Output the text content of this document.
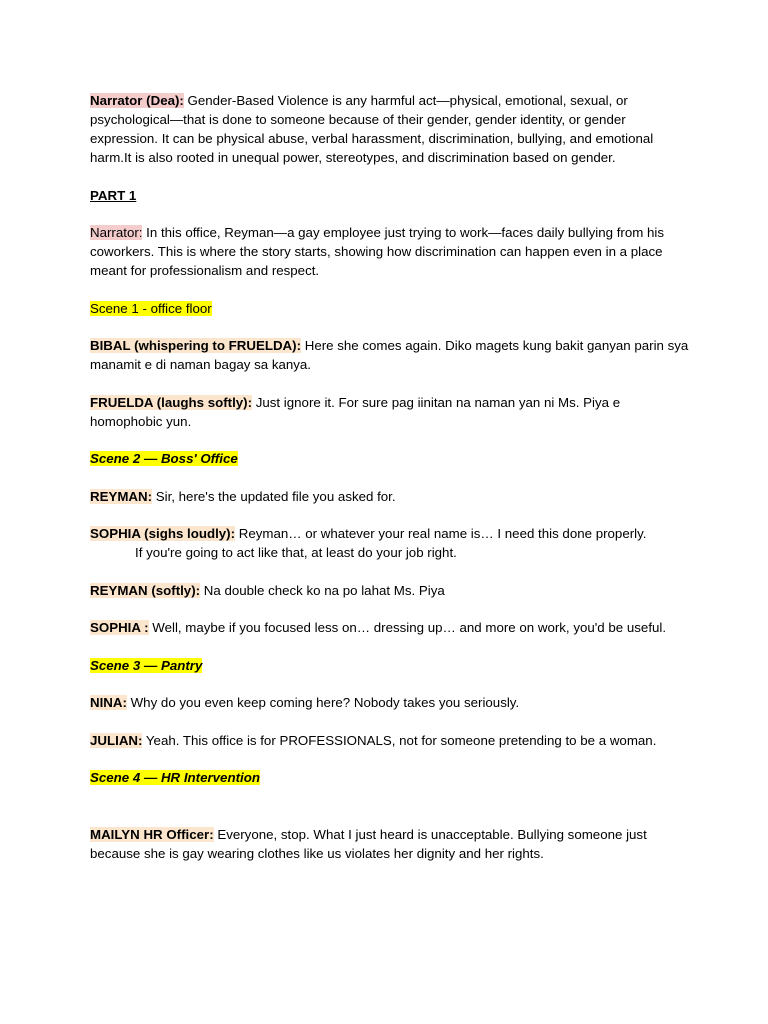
Narrator (Dea): Gender-Based Violence is any harmful act—physical, emotional, sexual, or psychological—that is done to someone because of their gender, gender identity, or gender expression. It can be physical abuse, verbal harassment, discrimination, bullying, and emotional harm.It is also rooted in unequal power, stereotypes, and discrimination based on gender.

PART 1

Narrator: In this office, Reyman—a gay employee just trying to work—faces daily bullying from his coworkers. This is where the story starts, showing how discrimination can happen even in a place meant for professionalism and respect.

Scene 1 - office floor

BIBAL (whispering to FRUELDA): Here she comes again. Diko magets kung bakit ganyan parin sya manamit e di naman bagay sa kanya.

FRUELDA (laughs softly): Just ignore it. For sure pag iinitan na naman yan ni Ms. Piya e homophobic yun.

Scene 2 — Boss' Office

REYMAN: Sir, here's the updated file you asked for.

SOPHIA (sighs loudly): Reyman… or whatever your real name is… I need this done properly.

If you're going to act like that, at least do your job right.

REYMAN (softly): Na double check ko na po lahat Ms. Piya

SOPHIA : Well, maybe if you focused less on… dressing up… and more on work, you'd be useful.

Scene 3 — Pantry

NINA: Why do you even keep coming here? Nobody takes you seriously.

JULIAN: Yeah. This office is for PROFESSIONALS, not for someone pretending to be a woman.

Scene 4 — HR Intervention

MAILYN HR Officer: Everyone, stop. What I just heard is unacceptable. Bullying someone just because she is gay wearing clothes like us violates her dignity and her rights.
